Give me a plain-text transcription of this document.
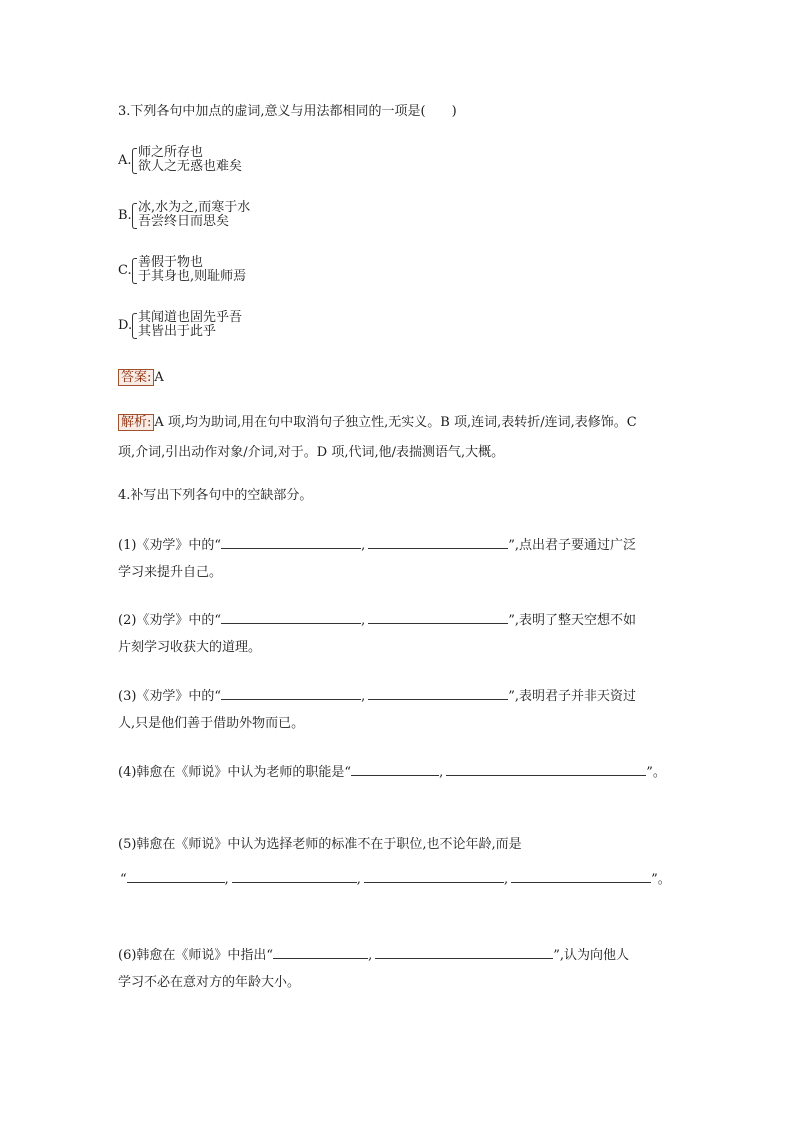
3.下列各句中加点的虚词,意义与用法都相同的一项是(　　)
A.
师之所存也
欲人之无惑也难矣
B.
冰,水为之,而寒于水
吾尝终日而思矣
C.
善假于物也
于其身也,则耻师焉
D.
其闻道也固先乎吾
其皆出于此乎
答案: A
解析: A 项,均为助词,用在句中取消句子独立性,无实义。B 项,连词,表转折/连词,表修饰。C
项,介词,引出动作对象/介词,对于。D 项,代词,他/表揣测语气,大概。
4.补写出下列各句中的空缺部分。
(1)《劝学》中的“	,	”,点出君子要通过广泛
学习来提升自己。
(2)《劝学》中的“	,	”,表明了整天空想不如
片刻学习收获大的道理。
(3)《劝学》中的“	,	”,表明君子并非天资过
人,只是他们善于借助外物而已。
(4)韩愈在《师说》中认为老师的职能是“	,	”。
(5)韩愈在《师说》中认为选择老师的标准不在于职位,也不论年龄,而是
“	,	,	,	”。
(6)韩愈在《师说》中指出“	,	”,认为向他人
学习不必在意对方的年龄大小。
